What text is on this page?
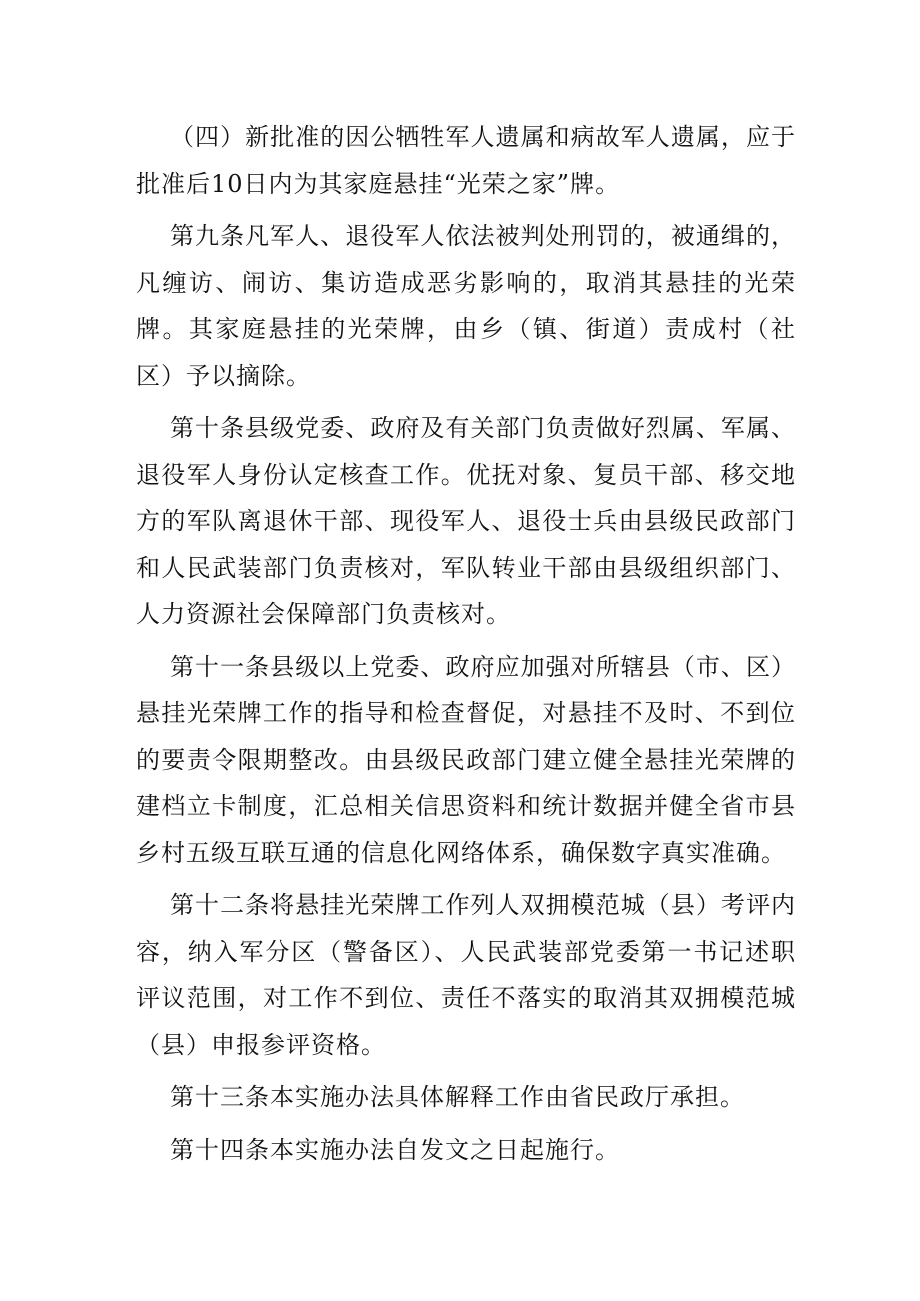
（四）新批准的因公牺牲军人遗属和病故军人遗属，应于批准后10日内为其家庭悬挂“光荣之家”牌。

第九条凡军人、退役军人依法被判处刑罚的，被通缉的，凡缠访、闹访、集访造成恶劣影响的，取消其悬挂的光荣牌。其家庭悬挂的光荣牌，由乡（镇、街道）责成村（社区）予以摘除。

第十条县级党委、政府及有关部门负责做好烈属、军属、退役军人身份认定核查工作。优抚对象、复员干部、移交地方的军队离退休干部、现役军人、退役士兵由县级民政部门和人民武装部门负责核对，军队转业干部由县级组织部门、人力资源社会保障部门负责核对。

第十一条县级以上党委、政府应加强对所辖县（市、区）悬挂光荣牌工作的指导和检查督促，对悬挂不及时、不到位的要责令限期整改。由县级民政部门建立健全悬挂光荣牌的建档立卡制度，汇总相关信思资料和统计数据并健全省市县乡村五级互联互通的信息化网络体系，确保数字真实准确。

第十二条将悬挂光荣牌工作列人双拥模范城（县）考评内容，纳入军分区（警备区）、人民武装部党委第一书记述职评议范围，对工作不到位、责任不落实的取消其双拥模范城（县）申报参评资格。

第十三条本实施办法具体解释工作由省民政厅承担。

第十四条本实施办法自发文之日起施行。
